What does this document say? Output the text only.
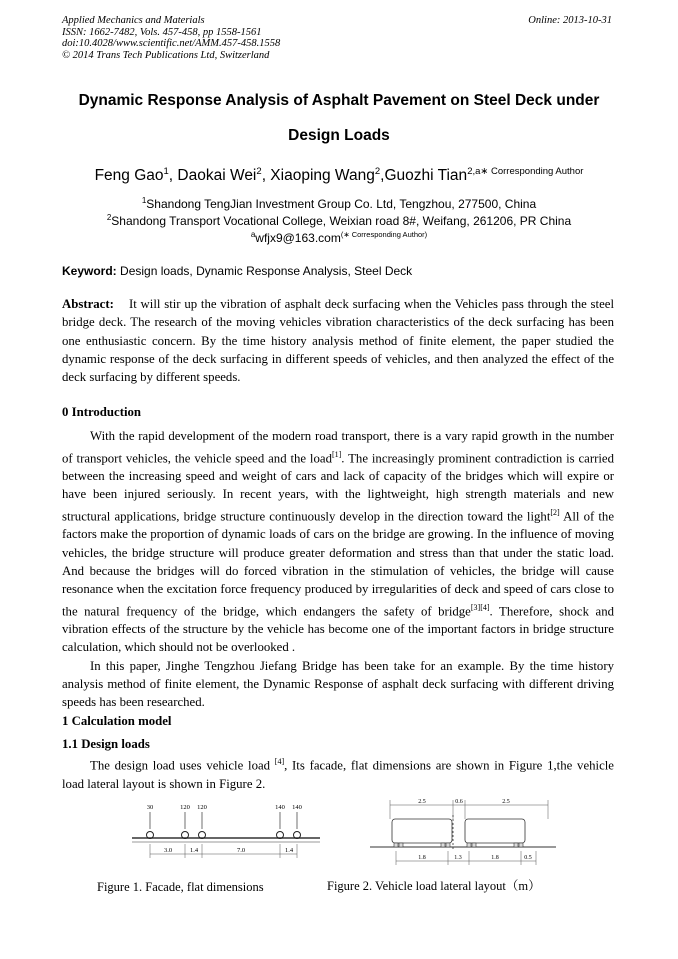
Applied Mechanics and Materials
ISSN: 1662-7482, Vols. 457-458, pp 1558-1561
doi:10.4028/www.scientific.net/AMM.457-458.1558
© 2014 Trans Tech Publications Ltd, Switzerland
Online: 2013-10-31
Dynamic Response Analysis of Asphalt Pavement on Steel Deck under
Design Loads
Feng Gao$^1$, Daokai Wei$^2$, Xiaoping Wang$^2$,Guozhi Tian$^{2,a∗ Corresponding Author}$
$^1$Shandong TengJian Investment Group Co. Ltd, Tengzhou, 277500, China
$^2$Shandong Transport Vocational College, Weixian road 8#, Weifang, 261206, PR China
$^a$wfjx9@163.com$^{(∗ Corresponding Author)}$
Keyword: Design loads, Dynamic Response Analysis, Steel Deck

Abstract: It will stir up the vibration of asphalt deck surfacing when the Vehicles pass through the steel bridge deck. The research of the moving vehicles vibration characteristics of the deck surfacing has been one enthusiastic concern. By the time history analysis method of finite element, the paper studied the dynamic response of the deck surfacing in different speeds of vehicles, and then analyzed the effect of the deck surfacing by different speeds.

0 Introduction

With the rapid development of the modern road transport, there is a vary rapid growth in the number of transport vehicles, the vehicle speed and the load[1]. The increasingly prominent contradiction is carried between the increasing speed and weight of cars and lack of capacity of the bridges which will expire or have been injured seriously. In recent years, with the lightweight, high strength materials and new structural applications, bridge structure continuously develop in the direction toward the light[2] All of the factors make the proportion of dynamic loads of cars on the bridge are growing. In the influence of moving vehicles, the bridge structure will produce greater deformation and stress than that under the static load. And because the bridges will do forced vibration in the stimulation of vehicles, the bridge will cause resonance when the excitation force frequency produced by irregularities of deck and speed of cars close to the natural frequency of the bridge, which endangers the safety of bridge[3][4]. Therefore, shock and vibration effects of the structure by the vehicle has become one of the important factors in bridge structure calculation, which should not be overlooked .

In this paper, Jinghe Tengzhou Jiefang Bridge has been take for an example. By the time history analysis method of finite element, the Dynamic Response of asphalt deck surfacing with different driving speeds has been researched.

1 Calculation model

1.1 Design loads

The design load uses vehicle load [4], Its facade, flat dimensions are shown in Figure 1,the vehicle load lateral layout is shown in Figure 2.

30	120 120	140 140
3.0	1.4	7.0	1.4
2.5	0.6	2.5
1.8	1.3	1.8	0.5
Figure 1. Facade, flat dimensions	Figure 2. Vehicle load lateral layout（m）
